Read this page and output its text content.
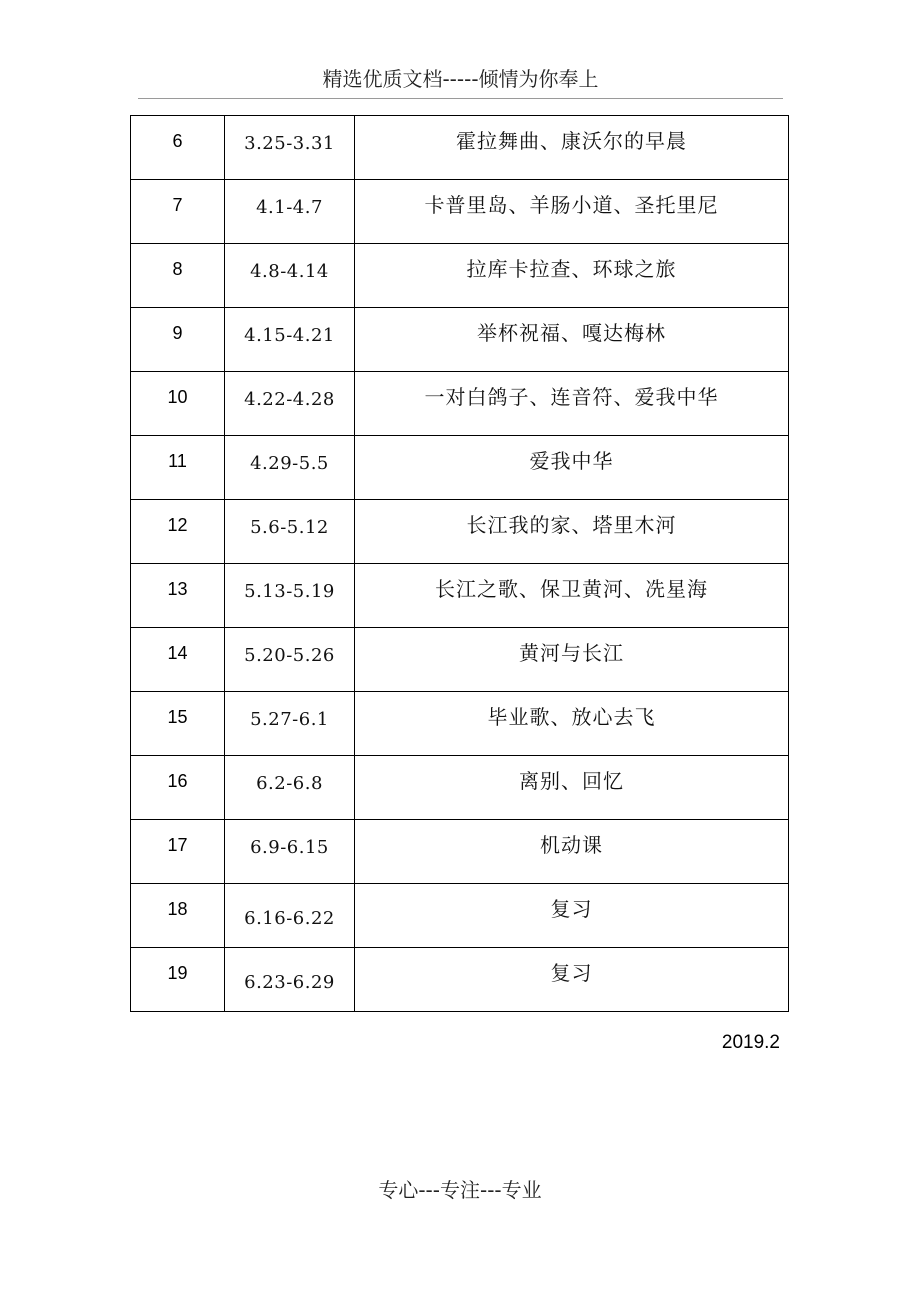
精选优质文档-----倾情为你奉上
6	3.25-3.31	霍拉舞曲、康沃尔的早晨

7	4.1-4.7	卡普里岛、羊肠小道、圣托里尼

8	4.8-4.14	拉库卡拉查、环球之旅

9	4.15-4.21	举杯祝福、嘎达梅林

10	4.22-4.28	一对白鸽子、连音符、爱我中华

11	4.29-5.5	爱我中华

12	5.6-5.12	长江我的家、塔里木河

13	5.13-5.19	长江之歌、保卫黄河、冼星海

14	5.20-5.26	黄河与长江

15	5.27-6.1	毕业歌、放心去飞

16	6.2-6.8	离别、回忆

17	6.9-6.15	机动课

18	6.16-6.22	复习

19	6.23-6.29	复习
2019.2
专心---专注---专业
